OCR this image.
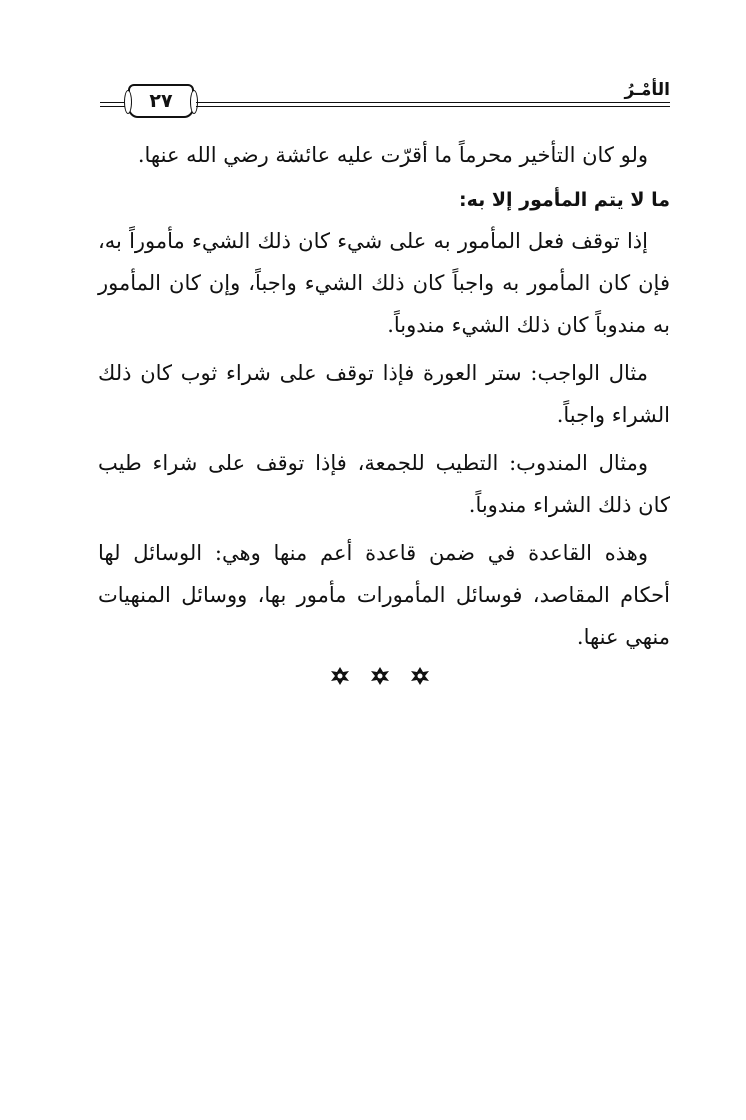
٢٧	الأمْـرُ

ولو كان التأخير محرماً ما أقرّت عليه عائشة رضي الله عنها.

ما لا يتم المأمور إلا به:

إذا توقف فعل المأمور به على شيء كان ذلك الشيء مأموراً به، فإن كان المأمور به واجباً كان ذلك الشيء واجباً، وإن كان المأمور به مندوباً كان ذلك الشيء مندوباً.

مثال الواجب: ستر العورة فإذا توقف على شراء ثوب كان ذلك الشراء واجباً.

ومثال المندوب: التطيب للجمعة، فإذا توقف على شراء طيب كان ذلك الشراء مندوباً.

وهذه القاعدة في ضمن قاعدة أعم منها وهي: الوسائل لها أحكام المقاصد، فوسائل المأمورات مأمور بها، ووسائل المنهيات منهي عنها.
